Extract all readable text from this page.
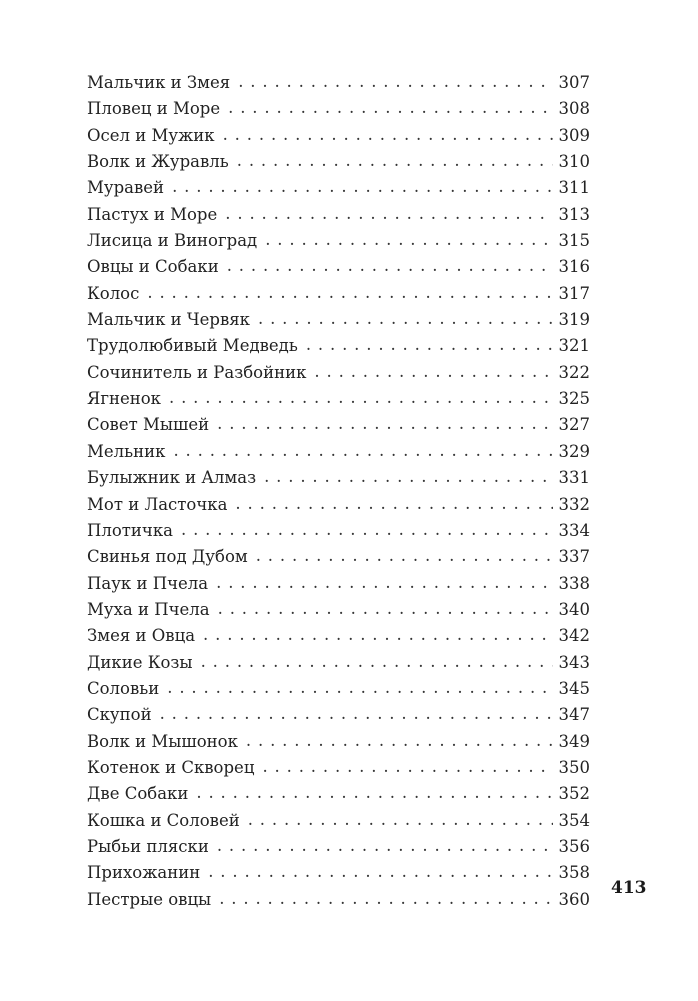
Мальчик и Змея . . .	307
Пловец и Море . . .	308
Осел и Мужик . . .	309
Волк и Журавль . . .	310
Муравей . . .	311
Пастух и Море . . .	313
Лисица и Виноград . . .	315
Овцы и Собаки . . .	316
Колос . . .	317
Мальчик и Червяк . . .	319
Трудолюбивый Медведь . . .	321
Сочинитель и Разбойник . . .	322
Ягненок . . .	325
Совет Мышей . . .	327
Мельник . . .	329
Булыжник и Алмаз . . .	331
Мот и Ласточка . . .	332
Плотичка . . .	334
Свинья под Дубом . . .	337
Паук и Пчела . . .	338
Муха и Пчела . . .	340
Змея и Овца . . .	342
Дикие Козы . . .	343
Соловьи . . .	345
Скупой . . .	347
Волк и Мышонок . . .	349
Котенок и Скворец . . .	350
Две Собаки . . .	352
Кошка и Соловей . . .	354
Рыбьи пляски . . .	356
Прихожанин . . .	358
Пестрые овцы . . .	360
413
